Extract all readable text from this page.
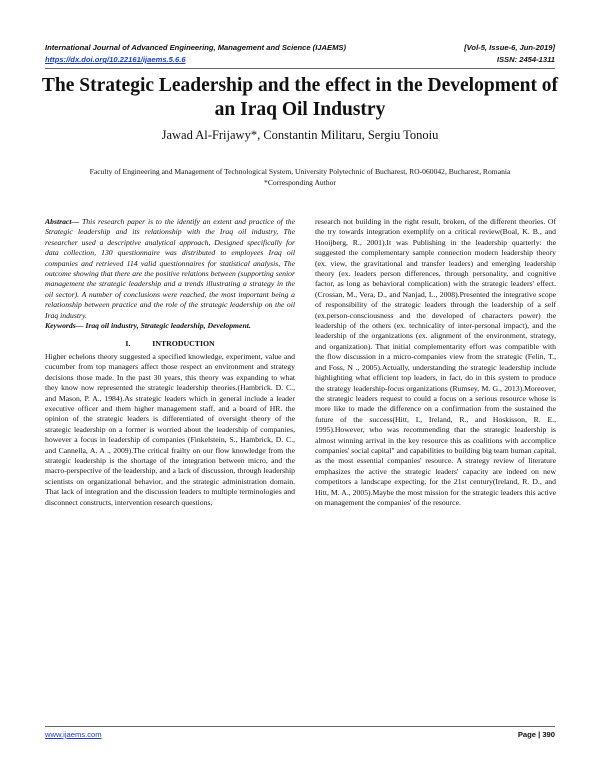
International Journal of Advanced Engineering, Management and Science (IJAEMS)
https://dx.doi.org/10.22161/ijaems.5.6.6
[Vol-5, Issue-6, Jun-2019]
ISSN: 2454-1311
The Strategic Leadership and the effect in the Development of an Iraq Oil Industry
Jawad Al-Frijawy*, Constantin Militaru, Sergiu Tonoiu
Faculty of Engineering and Management of Technological System, University Polytechnic of Bucharest, RO-060042, Bucharest, Romania
*Corresponding Author

Abstract— This research paper is to the identify an extent and practice of the Strategic leadership and its relationship with the Iraq oil industry, The researcher used a descriptive analytical approach, Designed specifically for data collection, 130 questionnaire was distributed to employees Iraq oil companies and retrieved 114 valid questionnaires for statistical analysis, The outcome showing that there are the positive relations between (supporting senior management the strategic leadership and a trends illustrating a strategy in the oil sector). A number of conclusions were reached, the most important being a relationship between practice and the role of the strategic leadership on the oil Iraq industry.

Keywords— Iraq oil industry, Strategic leadership, Development.

I.	INTRODUCTION

Higher echelons theory suggested a specified knowledge, experiment, value and cucumber from top managers affect those respect an environment and strategy decisions those made. In the past 30 years, this theory was expanding to what they know now represented the strategic leadership theories.(Hambrick. D. C., and Mason, P. A., 1984).As strategic leaders which in general include a leader executive officer and them higher management staff, and a board of HR. the opinion of the strategic leaders is differentiated of oversight theory of the strategic leadership on a former is worried about the leadership of companies, however a focus in leadership of companies (Finkelstein, S., Hambrick, D. C., and Cannella, A. A ., 2009).The critical frailty on our flow knowledge from the strategic leadership is the shortage of the integration between micro, and the macro-perspective of the leadership, and a lack of discussion, through leadership scientists on organizational behavior, and the strategic administration domain. That lack of integration and the discussion leaders to multiple terminologies and disconnect constructs, intervention research questions,

research not building in the right result, broken, of the different theories. Of the try towards integration exemplify on a critical review(Boal, K. B., and Hooijberg, R., 2001).It was Publishing in the leadership quarterly: the suggested the complementary sample connection modern leadership theory (ex. view, the gravitational and transfer leaders) and emerging leadership theory (ex. leaders person differences, through personality, and cognitive factor, as long as behavioral complication) with the strategic leaders' effect.(Crossan, M., Vera, D., and Nanjad, L., 2008).Presented the integrative scope of responsibility of the strategic leaders through the leadership of a self (ex.person-consciousness and the developed of characters power) the leadership of the others (ex. technicality of inter-personal impact), and the leadership of the organizations (ex. alignment of the environment, strategy, and organization). That initial complementarity effort was compatible with the flow discussion in a micro-companies view from the strategic (Felin, T., and Foss, N ., 2005).Actually, understanding the strategic leadership include highlighting what efficient top leaders, in fact, do in this system to produce the strategy leadership-focus organizations (Rumsey, M. G., 2013).Moreover, the strategic leaders request to could a focus on a serious resource whose is more like to made the difference on a confirmation from the sustained the future of the success(Hitt, I., Ireland, R., and Hoskisson, R. E., 1995).However, who was recommending that the strategic leadership is almost winning arrival in the key resource this as coalitions with accomplice companies' social capital" and capabilities to building big team human capital, as the most essential companies' resource. A strategy review of literature emphasizes the active the strategic leaders' capacity are indeed on new competitors a landscape expecting, for the 21st century(Ireland, R. D., and Hitt, M. A., 2005).Maybe the most mission for the strategic leaders this active on management the companies' of the resource.

www.ijaems.com	Page | 390
